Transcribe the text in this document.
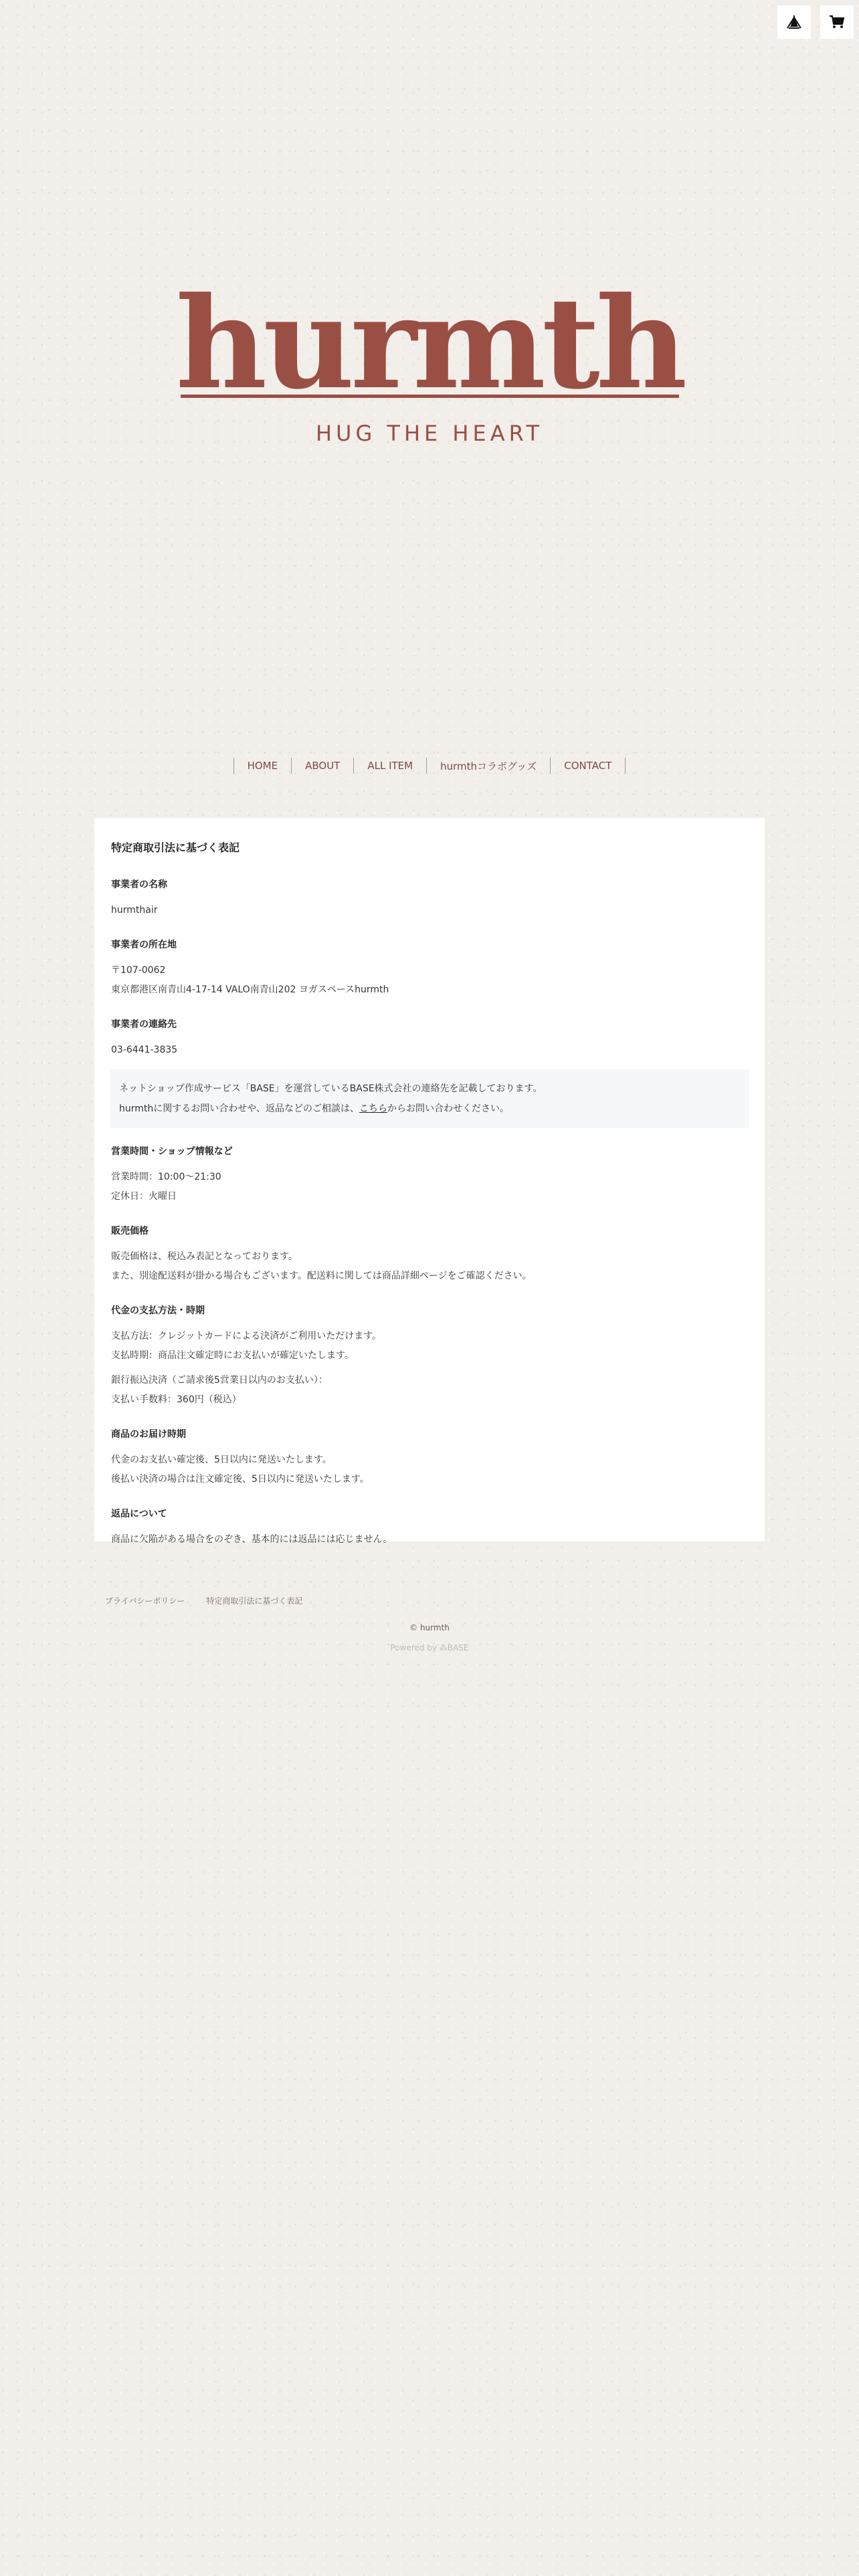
hurmth
HUG THE HEART
HOME	ABOUT	ALL ITEM	hurmthコラボグッズ	CONTACT
特定商取引法に基づく表記
事業者の名称
hurmthair
事業者の所在地
〒107-0062
東京都港区南青山4-17-14 VALO南青山202 ヨガスペースhurmth
事業者の連絡先
03-6441-3835
ネットショップ作成サービス「BASE」を運営しているBASE株式会社の連絡先を記載しております。
hurmthに関するお問い合わせや、返品などのご相談は、こちらからお問い合わせください。
営業時間・ショップ情報など
営業時間：10:00〜21:30
定休日：火曜日
販売価格
販売価格は、税込み表記となっております。
また、別途配送料が掛かる場合もございます。配送料に関しては商品詳細ページをご確認ください。
代金の支払方法・時期
支払方法：クレジットカードによる決済がご利用いただけます。
支払時期：商品注文確定時にお支払いが確定いたします。
銀行振込決済（ご請求後5営業日以内のお支払い）：
支払い手数料：360円（税込）
商品のお届け時期
代金のお支払い確定後、5日以内に発送いたします。
後払い決済の場合は注文確定後、5日以内に発送いたします。
返品について
商品に欠陥がある場合をのぞき、基本的には返品には応じません。
プライバシーポリシー	特定商取引法に基づく表記
© hurmth
Powered by ⁂BASE
